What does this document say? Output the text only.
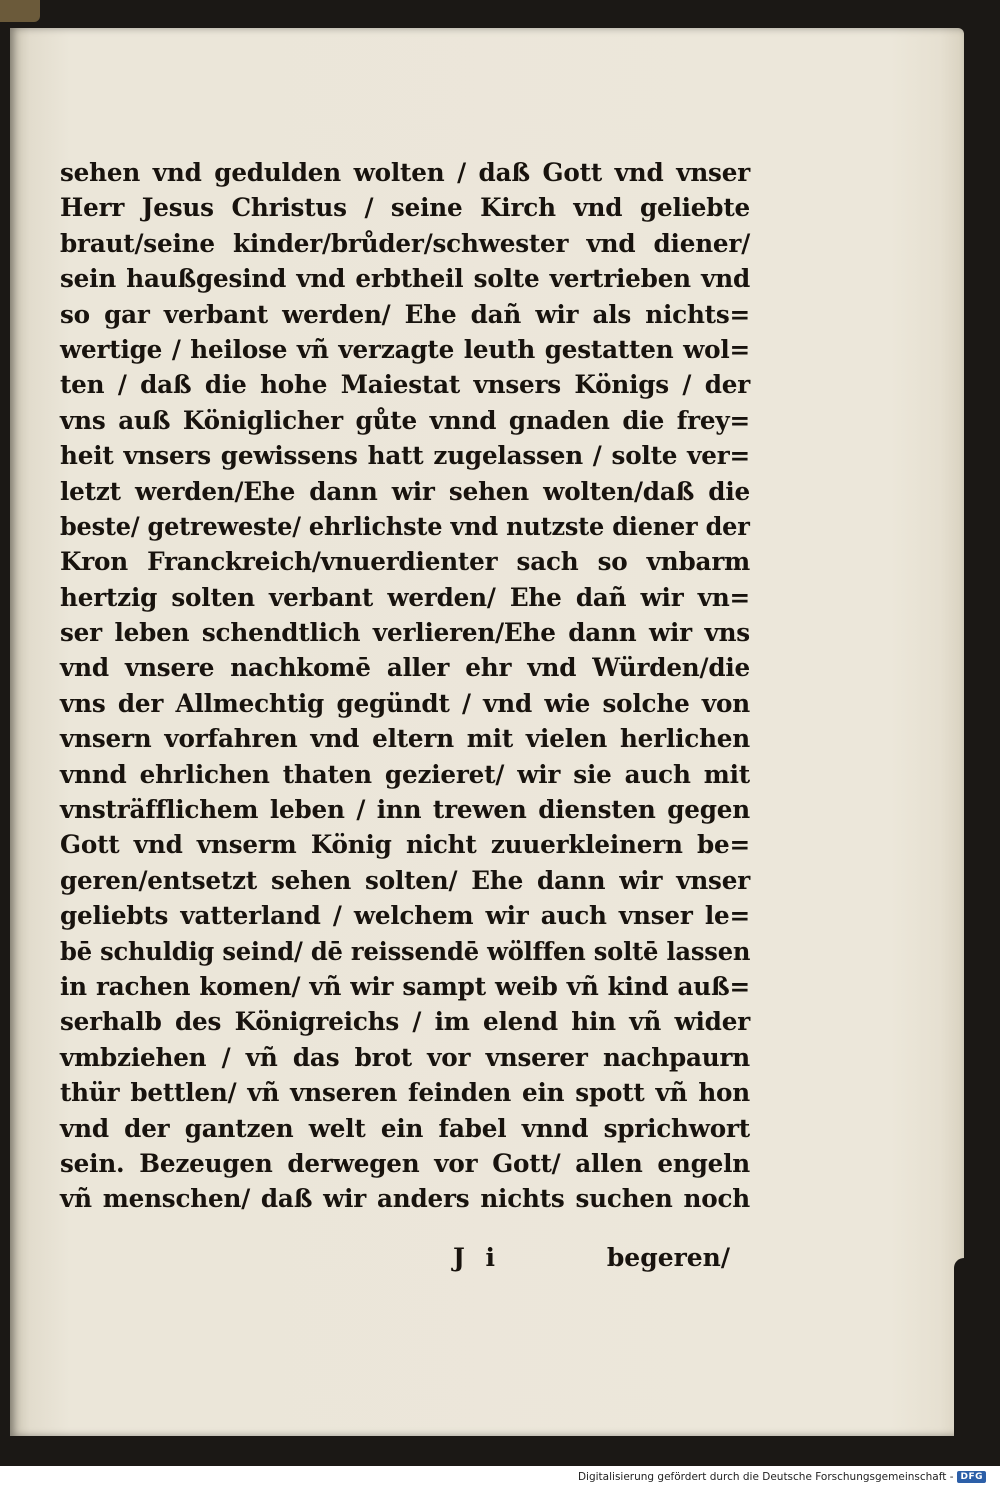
sehen vnd gedulden wolten / daß Gott vnd vnser
Herr Jesus Christus / seine Kirch vnd geliebte
braut/seine kinder/brůder/schwester vnd diener/
sein haußgesind vnd erbtheil solte vertrieben vnd
so gar verbant werden/ Ehe dañ wir als nichts=
wertige / heilose vñ verzagte leuth gestatten wol=
ten / daß die hohe Maiestat vnsers Königs / der
vns auß Königlicher gůte vnnd gnaden die frey=
heit vnsers gewissens hatt zugelassen / solte ver=
letzt werden/Ehe dann wir sehen wolten/daß die
beste/ getreweste/ ehrlichste vnd nutzste diener der
Kron Franckreich/vnuerdienter sach so vnbarm
hertzig solten verbant werden/ Ehe dañ wir vn=
ser leben schendtlich verlieren/Ehe dann wir vns
vnd vnsere nachkomē aller ehr vnd Würden/die
vns der Allmechtig gegündt / vnd wie solche von
vnsern vorfahren vnd eltern mit vielen herlichen
vnnd ehrlichen thaten gezieret/ wir sie auch mit
vnsträfflichem leben / inn trewen diensten gegen
Gott vnd vnserm König nicht zuuerkleinern be=
geren/entsetzt sehen solten/ Ehe dann wir vnser
geliebts vatterland / welchem wir auch vnser le=
bē schuldig seind/ dē reissendē wölffen soltē lassen
in rachen komen/ vñ wir sampt weib vñ kind auß=
serhalb des Königreichs / im elend hin vñ wider
vmbziehen / vñ das brot vor vnserer nachpaurn
thür bettlen/ vñ vnseren feinden ein spott vñ hon
vnd der gantzen welt ein fabel vnnd sprichwort
sein. Bezeugen derwegen vor Gott/ allen engeln
vñ menschen/ daß wir anders nichts suchen noch
J i	begeren/
Digitalisierung gefördert durch die Deutsche Forschungsgemeinschaft - DFG
